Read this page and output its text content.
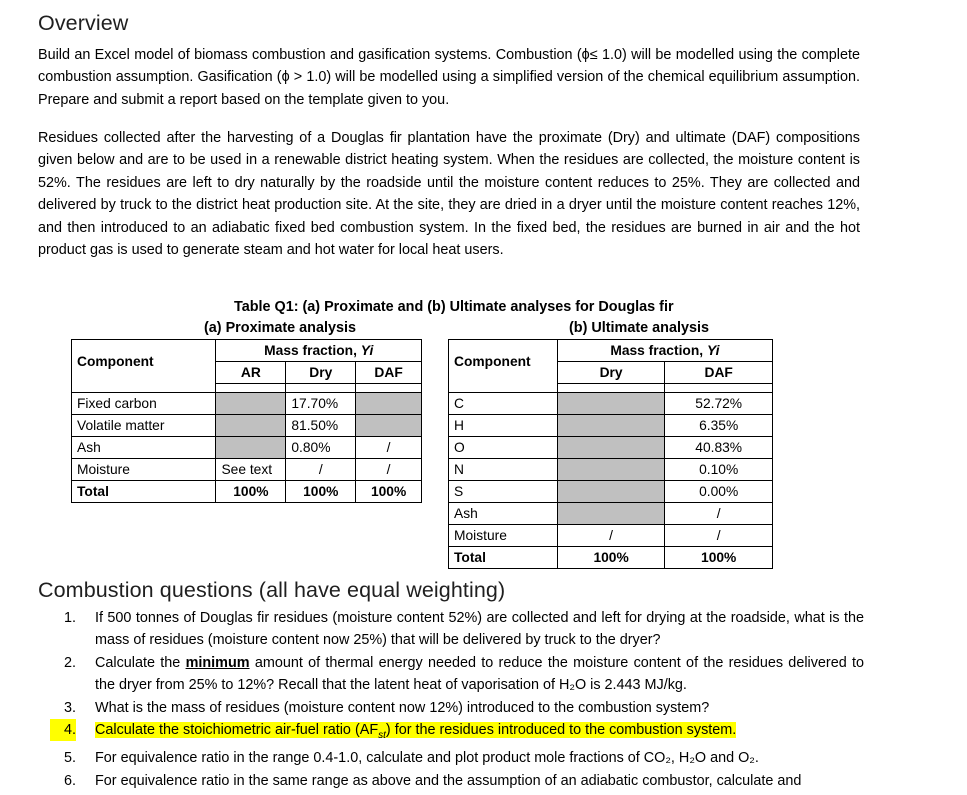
Overview

Build an Excel model of biomass combustion and gasification systems. Combustion (ϕ≤ 1.0) will be modelled using the complete combustion assumption. Gasification (ϕ > 1.0) will be modelled using a simplified version of the chemical equilibrium assumption. Prepare and submit a report based on the template given to you.

Residues collected after the harvesting of a Douglas fir plantation have the proximate (Dry) and ultimate (DAF) compositions given below and are to be used in a renewable district heating system. When the residues are collected, the moisture content is 52%. The residues are left to dry naturally by the roadside until the moisture content reduces to 25%. They are collected and delivered by truck to the district heat production site. At the site, they are dried in a dryer until the moisture content reaches 12%, and then introduced to an adiabatic fixed bed combustion system. In the fixed bed, the residues are burned in air and the hot product gas is used to generate steam and hot water for local heat users.

Table Q1: (a) Proximate and (b) Ultimate analyses for Douglas fir
(a) Proximate analysis	(b) Ultimate analysis
Component	Mass fraction, Yi		
	AR	Dry	DAF

Fixed carbon		17.70%	
Volatile matter		81.50%	
Ash		0.80%	/
Moisture	See text	/	/
Total	100%	100%	100%
Component	Mass fraction, Yi	
	Dry	DAF

C		52.72%
H		6.35%
O		40.83%
N		0.10%
S		0.00%
Ash		/
Moisture	/	/
Total	100%	100%
Combustion questions (all have equal weighting)
1. If 500 tonnes of Douglas fir residues (moisture content 52%) are collected and left for drying at the roadside, what is the mass of residues (moisture content now 25%) that will be delivered by truck to the dryer?
2. Calculate the minimum amount of thermal energy needed to reduce the moisture content of the residues delivered to the dryer from 25% to 12%? Recall that the latent heat of vaporisation of H₂O is 2.443 MJ/kg.
3. What is the mass of residues (moisture content now 12%) introduced to the combustion system?
4. Calculate the stoichiometric air-fuel ratio $(AF_{st})$ for the residues introduced to the combustion system.
5. For equivalence ratio in the range 0.4-1.0, calculate and plot product mole fractions of CO₂, H₂O and O₂.
6. For equivalence ratio in the same range as above and the assumption of an adiabatic combustor, calculate and
